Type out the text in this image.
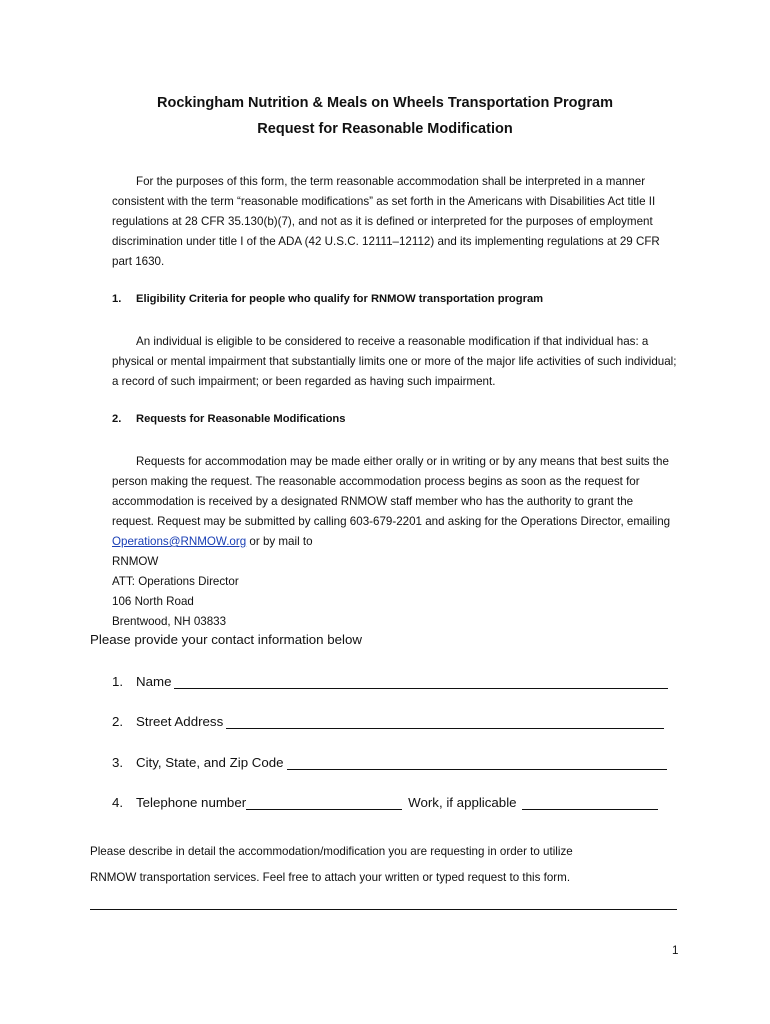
Rockingham Nutrition & Meals on Wheels Transportation Program
Request for Reasonable Modification
For the purposes of this form, the term reasonable accommodation shall be interpreted in a manner consistent with the term “reasonable modifications” as set forth in the Americans with Disabilities Act title II regulations at 28 CFR 35.130(b)(7), and not as it is defined or interpreted for the purposes of employment discrimination under title I of the ADA (42 U.S.C. 12111–12112) and its implementing regulations at 29 CFR part 1630.
1. Eligibility Criteria for people who qualify for RNMOW transportation program
An individual is eligible to be considered to receive a reasonable modification if that individual has: a physical or mental impairment that substantially limits one or more of the major life activities of such individual; a record of such impairment; or been regarded as having such impairment.
2. Requests for Reasonable Modifications
Requests for accommodation may be made either orally or in writing or by any means that best suits the person making the request. The reasonable accommodation process begins as soon as the request for accommodation is received by a designated RNMOW staff member who has the authority to grant the request. Request may be submitted by calling 603-679-2201 and asking for the Operations Director, emailing Operations@RNMOW.org or by mail to
RNMOW
ATT: Operations Director
106 North Road
Brentwood, NH 03833
Please provide your contact information below
1. Name
2. Street Address
3. City, State, and Zip Code
4. Telephone number	Work, if applicable
Please describe in detail the accommodation/modification you are requesting in order to utilize
RNMOW transportation services. Feel free to attach your written or typed request to this form.
1
